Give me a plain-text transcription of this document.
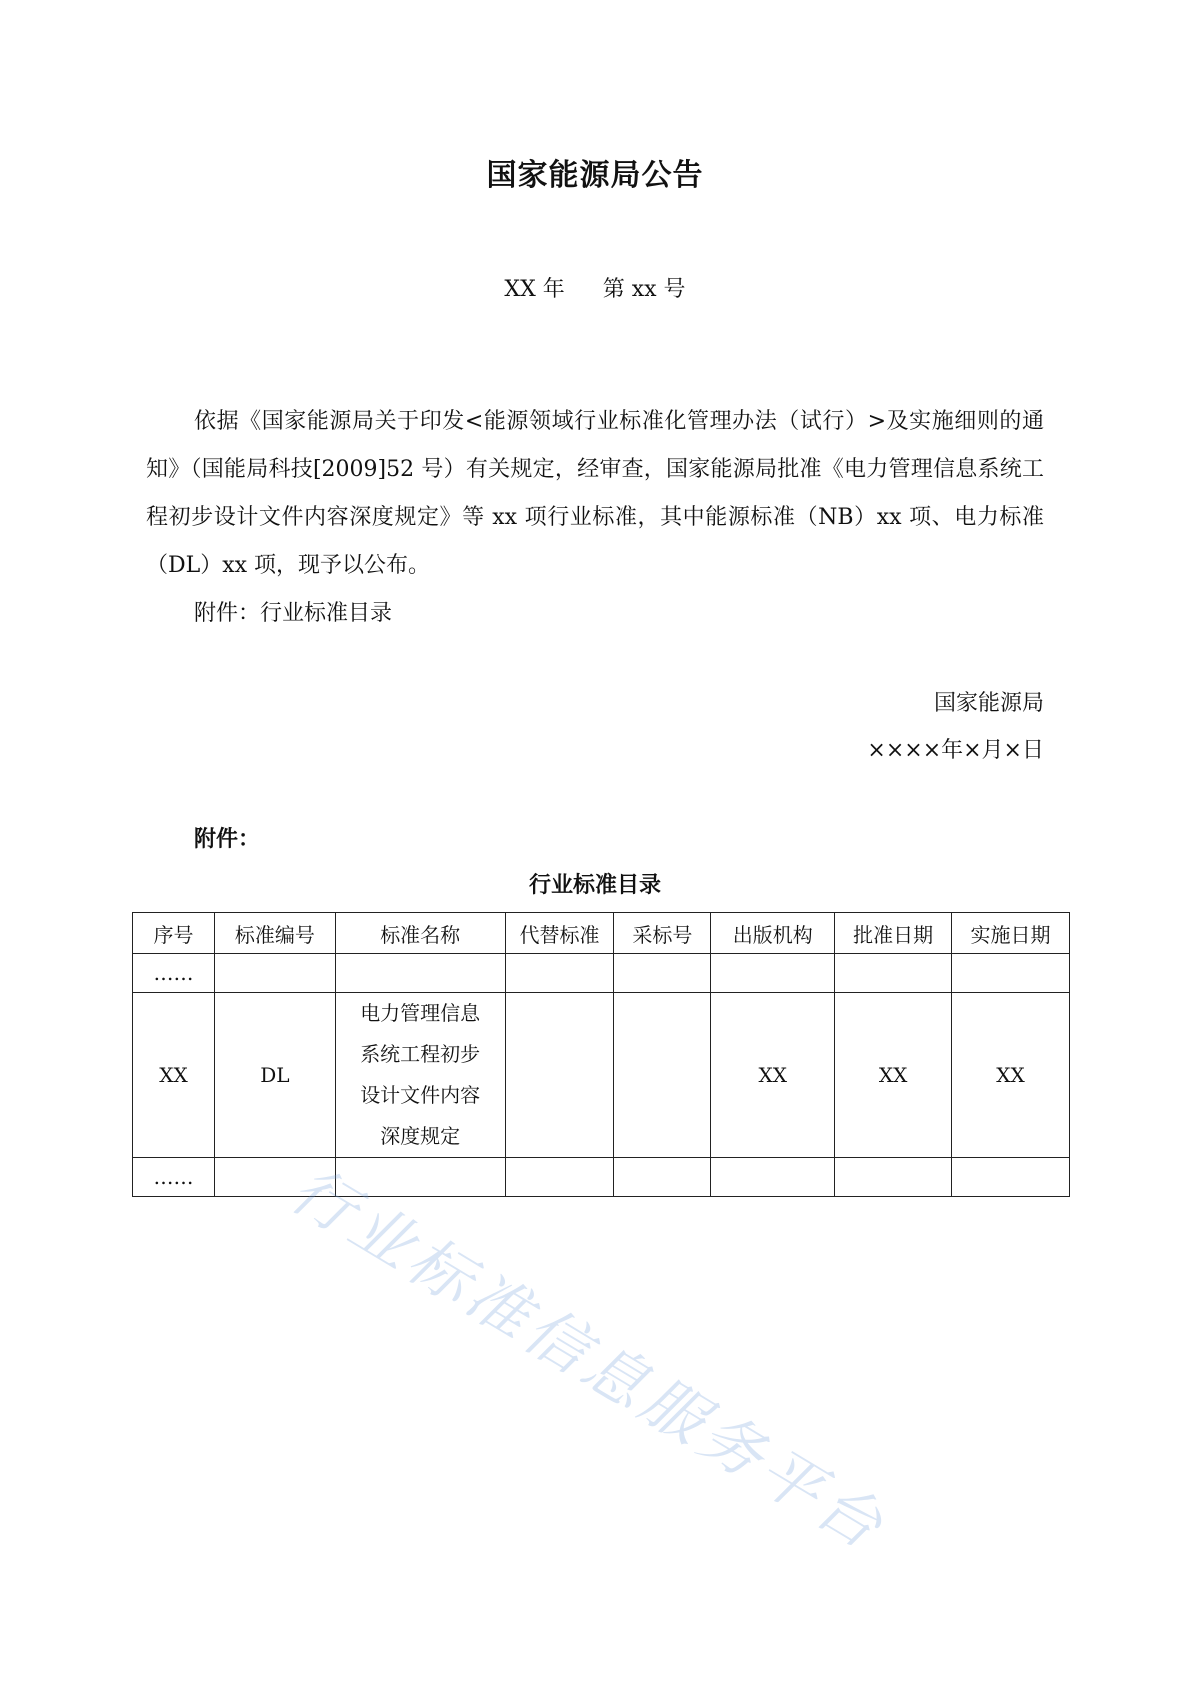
国家能源局公告
XX 年 第 xx 号

依据《国家能源局关于印发<能源领域行业标准化管理办法（试行）>及实施细则的通知》（国能局科技[2009]52 号）有关规定，经审查，国家能源局批准《电力管理信息系统工程初步设计文件内容深度规定》等 xx 项行业标准，其中能源标准（NB）xx 项、电力标准（DL）xx 项，现予以公布。

附件：行业标准目录

国家能源局
××××年×月×日
附件：
行业标准目录
序号	标准编号	标准名称	代替标准	采标号	出版机构	批准日期	实施日期
……							
XX	DL	电力管理信息
系统工程初步
设计文件内容
深度规定			XX	XX	XX
……							行业标准信息服务平台
